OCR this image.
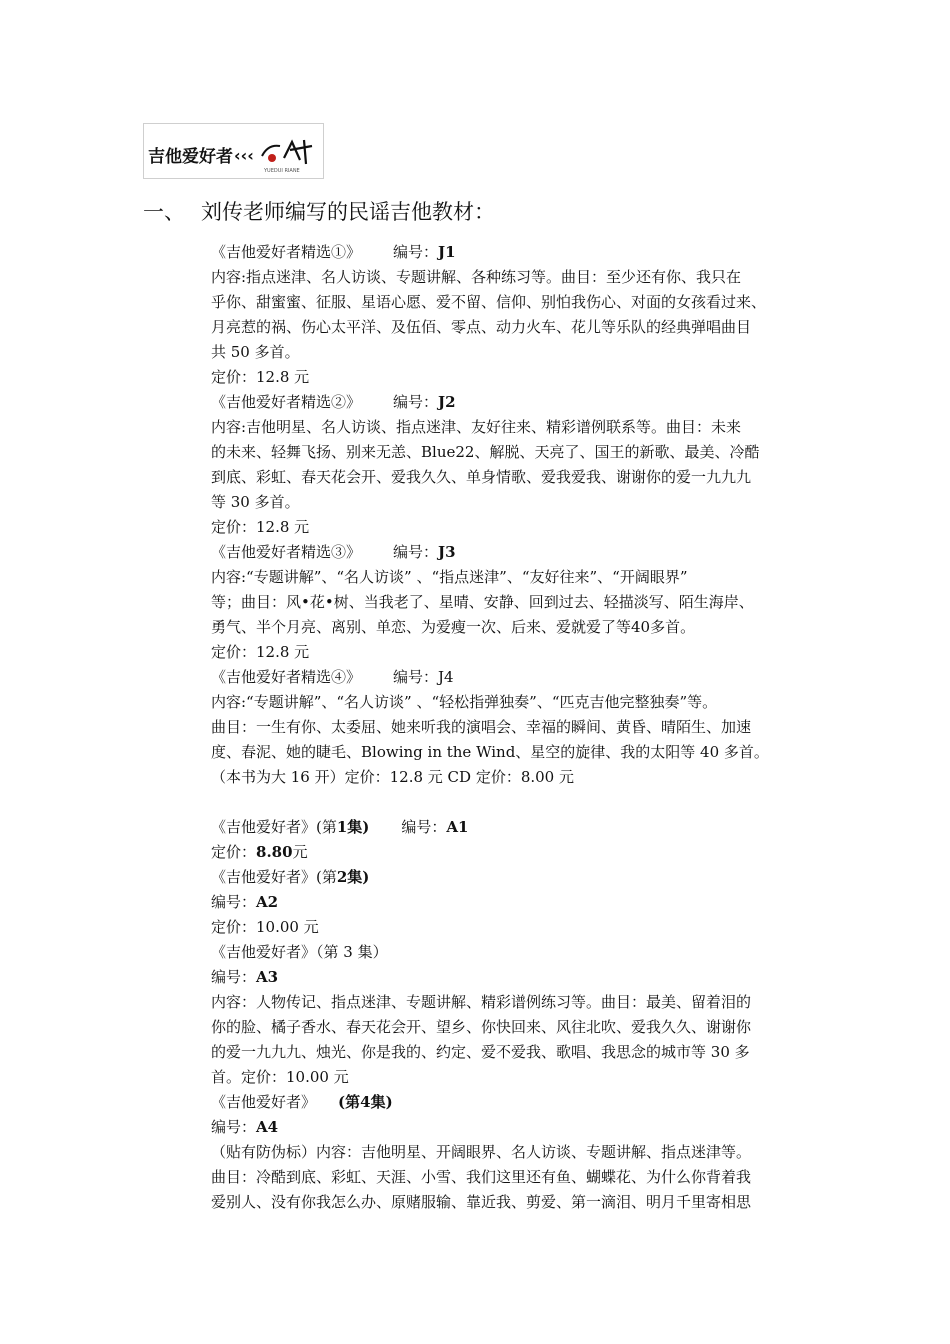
吉他爱好者 ‹‹‹
YUEDUI RIANE
一、 刘传老师编写的民谣吉他教材：
《吉他爱好者精选①》 编号：J1
内容:指点迷津、名人访谈、专题讲解、各种练习等。曲目：至少还有你、我只在
乎你、甜蜜蜜、征服、星语心愿、爱不留、信仰、别怕我伤心、对面的女孩看过来、
月亮惹的祸、伤心太平洋、及伍佰、零点、动力火车、花儿等乐队的经典弹唱曲目
共 50 多首。
定价：12.8 元
《吉他爱好者精选②》 编号：J2
内容:吉他明星、名人访谈、指点迷津、友好往来、精彩谱例联系等。曲目：未来
的未来、轻舞飞扬、别来无恙、Blue22、解脱、天亮了、国王的新歌、最美、冷酷
到底、彩虹、春天花会开、爱我久久、单身情歌、爱我爱我、谢谢你的爱一九九九
等 30 多首。
定价：12.8 元
《吉他爱好者精选③》 编号：J3
内容:“专题讲解”、“名人访谈” 、“指点迷津”、“友好往来”、“开阔眼界”
等；曲目：风•花•树、当我老了、星晴、安静、回到过去、轻描淡写、陌生海岸、
勇气、半个月亮、离别、单恋、为爱瘦一次、后来、爱就爱了等40多首。
定价：12.8 元
《吉他爱好者精选④》 编号：J4
内容:“专题讲解”、“名人访谈” 、“轻松指弹独奏”、“匹克吉他完整独奏”等。
曲目：一生有你、太委屈、她来听我的演唱会、幸福的瞬间、黄昏、晴陌生、加速
度、春泥、她的睫毛、Blowing in the Wind、星空的旋律、我的太阳等 40 多首。
（本书为大 16 开）定价：12.8 元 CD 定价：8.00 元
《吉他爱好者》(第1集) 编号：A1
定价：8.80元
《吉他爱好者》(第2集)
编号：A2
定价：10.00 元
《吉他爱好者》（第 3 集）
编号：A3
内容：人物传记、指点迷津、专题讲解、精彩谱例练习等。曲目：最美、留着泪的
你的脸、橘子香水、春天花会开、望乡、你快回来、风往北吹、爱我久久、谢谢你
的爱一九九九、烛光、你是我的、约定、爱不爱我、歌唱、我思念的城市等 30 多
首。定价：10.00 元
《吉他爱好者》 (第4集)
编号：A4
（贴有防伪标）内容：吉他明星、开阔眼界、名人访谈、专题讲解、指点迷津等。
曲目：冷酷到底、彩虹、天涯、小雪、我们这里还有鱼、蝴蝶花、为什么你背着我
爱别人、没有你我怎么办、原赌服输、靠近我、剪爱、第一滴泪、明月千里寄相思
